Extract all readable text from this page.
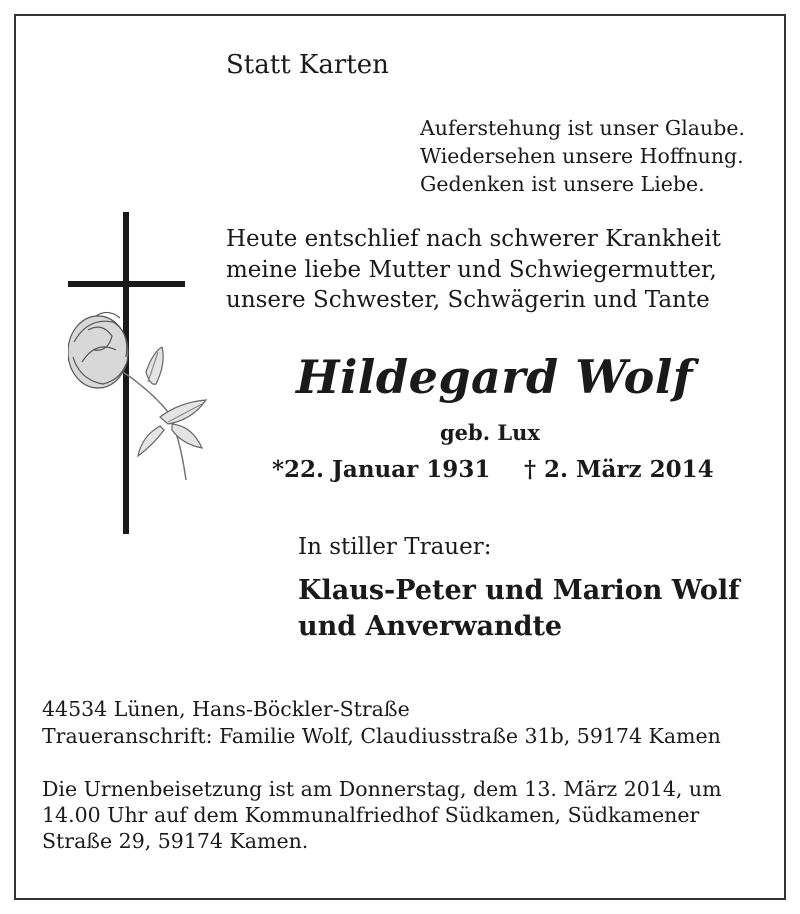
Statt Karten
Auferstehung ist unser Glaube.
Wiedersehen unsere Hoffnung.
Gedenken ist unsere Liebe.
Heute entschlief nach schwerer Krankheit
meine liebe Mutter und Schwiegermutter,
unsere Schwester, Schwägerin und Tante
Hildegard Wolf
geb. Lux
*22. Januar 1931 † 2. März 2014
In stiller Trauer:
Klaus-Peter und Marion Wolf
und Anverwandte
44534 Lünen, Hans-Böckler-Straße
Traueranschrift: Familie Wolf, Claudiusstraße 31b, 59174 Kamen
Die Urnenbeisetzung ist am Donnerstag, dem 13. März 2014, um
14.00 Uhr auf dem Kommunalfriedhof Südkamen, Südkamener
Straße 29, 59174 Kamen.
